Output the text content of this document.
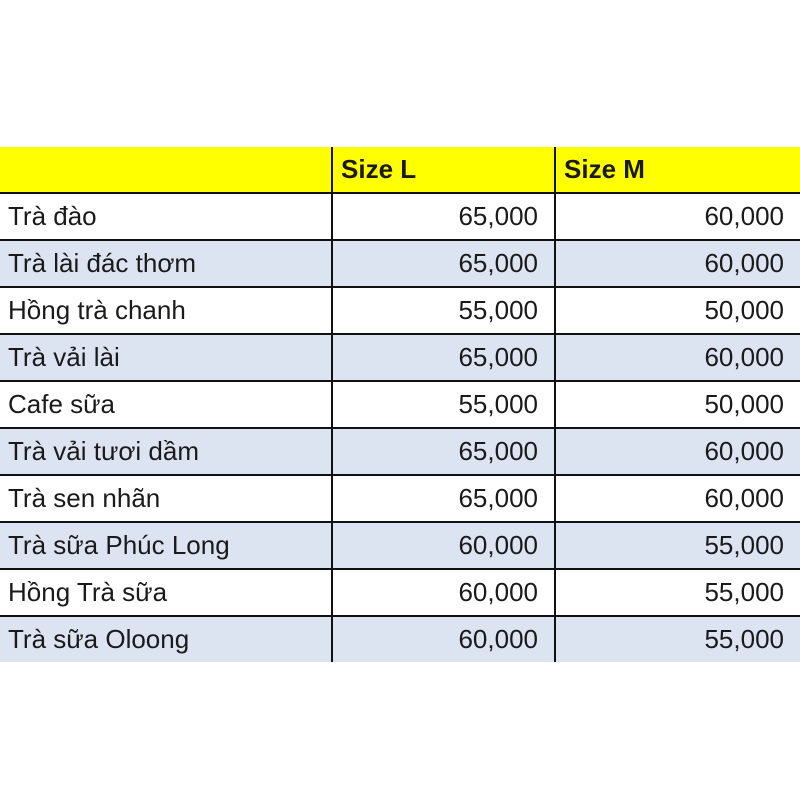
	Size L	Size M
Trà đào	65,000	60,000
Trà lài đác thơm	65,000	60,000
Hồng trà chanh	55,000	50,000
Trà vải lài	65,000	60,000
Cafe sữa	55,000	50,000
Trà vải tươi dầm	65,000	60,000
Trà sen nhãn	65,000	60,000
Trà sữa Phúc Long	60,000	55,000
Hồng Trà sữa	60,000	55,000
Trà sữa Oloong	60,000	55,000
